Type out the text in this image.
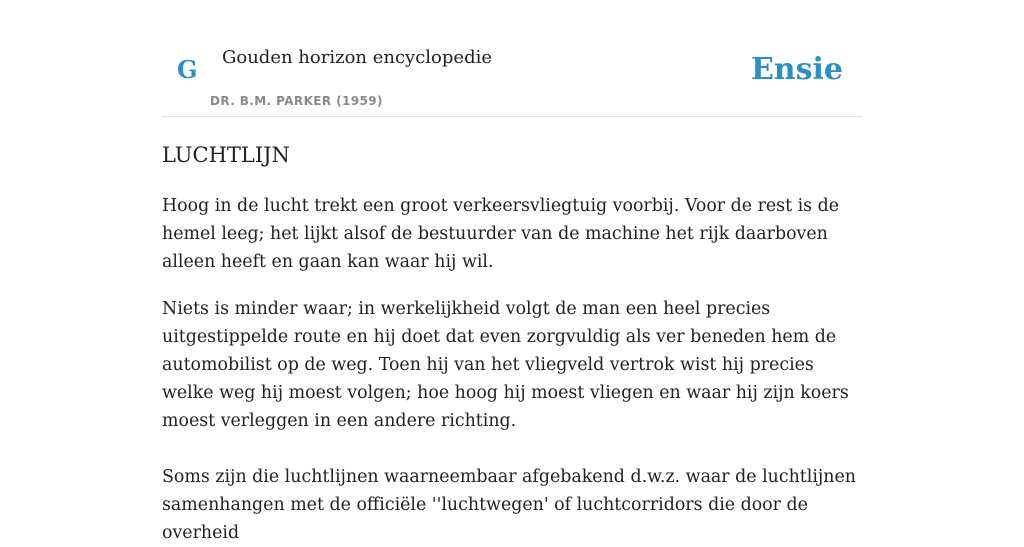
G Gouden horizon encyclopedie
DR. B.M. PARKER (1959)
Ensie
LUCHTLIJN

Hoog in de lucht trekt een groot verkeersvliegtuig voorbij. Voor de rest is de hemel leeg; het lijkt alsof de bestuurder van de machine het rijk daarboven alleen heeft en gaan kan waar hij wil.

Niets is minder waar; in werkelijkheid volgt de man een heel precies uitgestippelde route en hij doet dat even zorgvuldig als ver beneden hem de automobilist op de weg. Toen hij van het vliegveld vertrok wist hij precies welke weg hij moest volgen; hoe hoog hij moest vliegen en waar hij zijn koers moest verleggen in een andere richting.

Soms zijn die luchtlijnen waarneembaar afgebakend d.w.z. waar de luchtlijnen samenhangen met de officiële ''luchtwegen' of luchtcorridors die door de overheid
